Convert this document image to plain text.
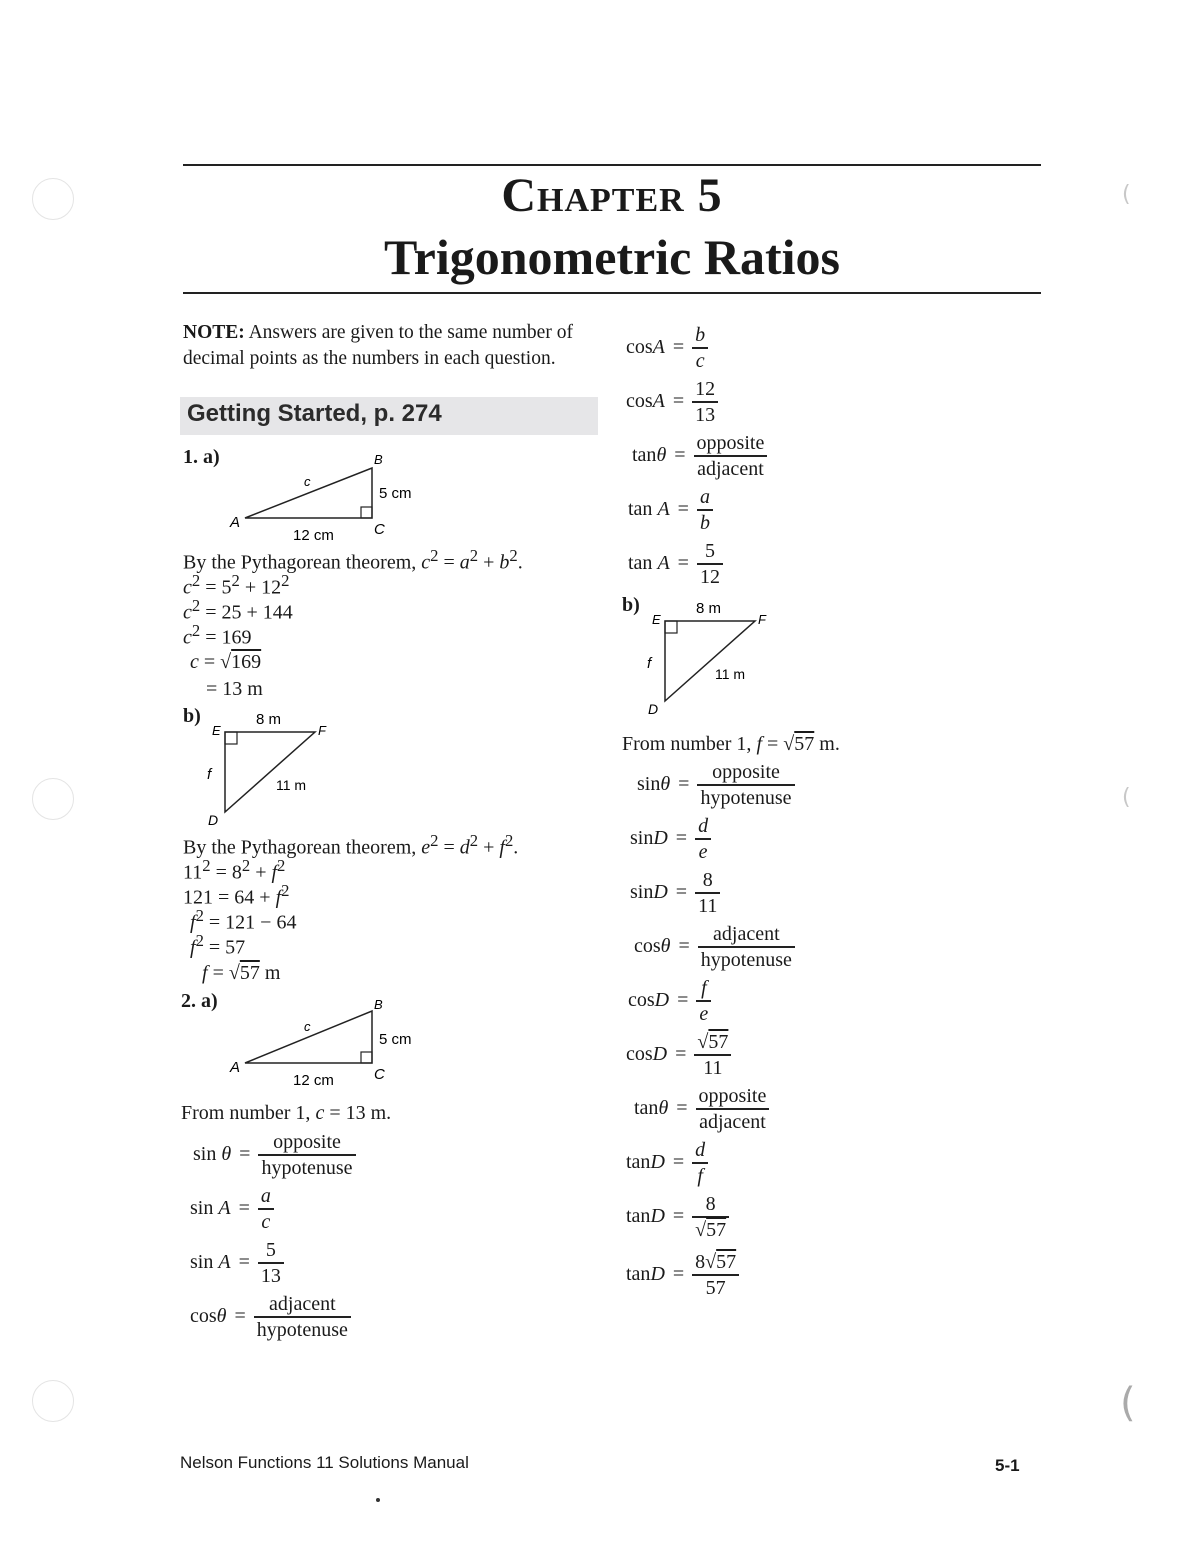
(
(
(
Chapter 5
Trigonometric Ratios
NOTE: Answers are given to the same number of decimal points as the numbers in each question.
Getting Started, p. 274
1. a)
A
B
C
c
5 cm
12 cm
By the Pythagorean theorem, $c^2 = a^2 + b^2$.
$c^2 = 5^2 + 12^2$
$c^2 = 25 + 144$
$c^2 = 169$
c = √169
= 13 m
b)
E	F
D
f
8 m
11 m
By the Pythagorean theorem, $e^2 = d^2 + f^2$.
$11^2 = 8^2 + f^2$
$121 = 64 + f^2$
$f^2 = 121 - 64$
$f^2 = 57$
f = √57 m
2. a)
A
B
C
c
5 cm
12 cm
From number 1, c = 13 m.
$\sin \theta = \frac{\text{opposite}}{\text{hypotenuse}}$
$\sin A = \frac{a}{c}$
$\sin A = \frac{5}{13}$
$\cos\theta = \frac{\text{adjacent}}{\text{hypotenuse}}$
$\cos A = \frac{b}{c}$
$\cos A = \frac{12}{13}$
$\tan\theta = \frac{\text{opposite}}{\text{adjacent}}$
$\tan A = \frac{a}{b}$
$\tan A = \frac{5}{12}$
b)
E	F
D
f
8 m
11 m
From number 1, f = √57 m.
$\sin\theta = \frac{\text{opposite}}{\text{hypotenuse}}$
$\sin D = \frac{d}{e}$
$\sin D = \frac{8}{11}$
$\cos\theta = \frac{\text{adjacent}}{\text{hypotenuse}}$
$\cos D = \frac{f}{e}$
$\cos D = \frac{√57}{11}$
$\tan\theta = \frac{\text{opposite}}{\text{adjacent}}$
$\tan D = \frac{d}{f}$
$\tan D = \frac{8}{√57}$
$\tan D = \frac{8√57}{57}$
Nelson Functions 11 Solutions Manual	5-1
